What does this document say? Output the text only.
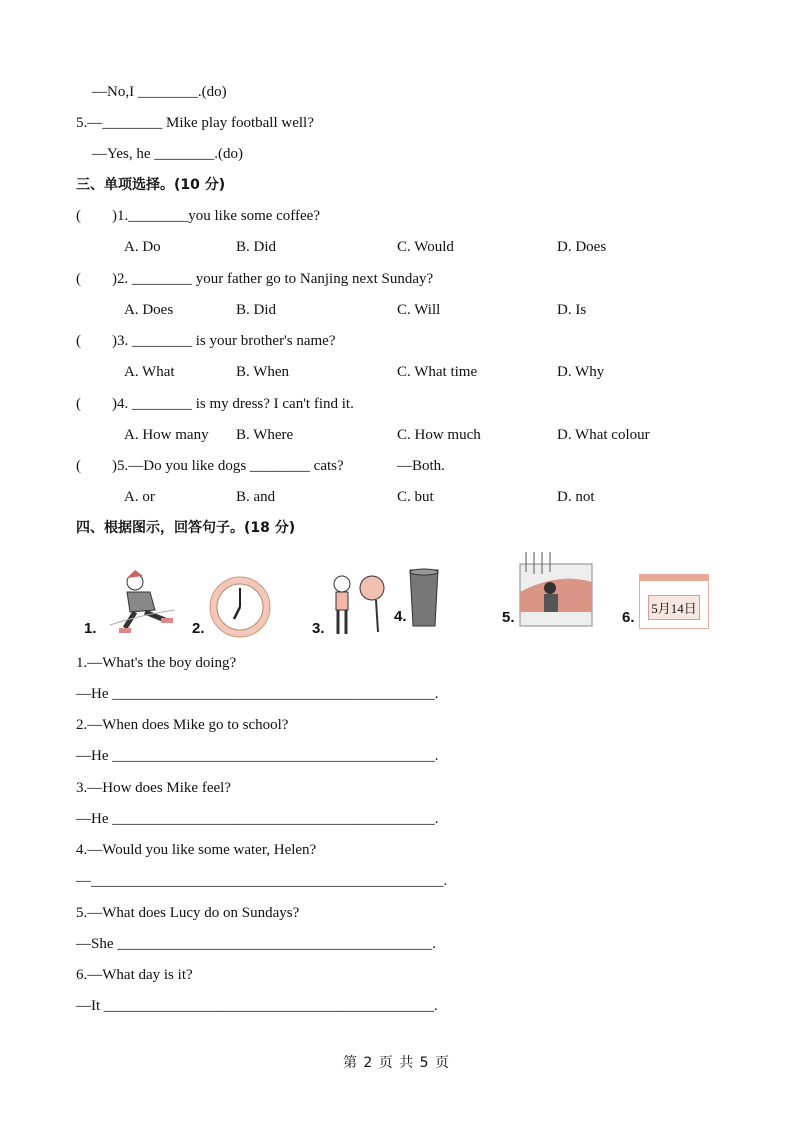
—No,I ________.(do)
5.—________ Mike play football well?
—Yes, he ________.(do)
三、单项选择。(10 分)
( )1.________you like some coffee?
A. Do	B. Did	C. Would	D. Does
( )2. ________ your father go to Nanjing next Sunday?
A. Does	B. Did	C. Will	D. Is
( )3. ________ is your brother's name?
A. What	B. When	C. What time	D. Why
( )4. ________ is my dress? I can't find it.
A. How many B. Where	C. How much	D. What colour
( )5.—Do you like dogs ________ cats?	—Both.
A. or	B. and	C. but	D. not
四、根据图示，回答句子。(18 分)
1.	2.	3.
4.	5.	6.
5月14日
1.—What's the boy doing?
—He ___________________________________________.
2.—When does Mike go to school?
—He ___________________________________________.
3.—How does Mike feel?
—He ___________________________________________.
4.—Would you like some water, Helen?
—_______________________________________________.
5.—What does Lucy do on Sundays?
—She __________________________________________.
6.—What day is it?
—It ____________________________________________.
第 2 页 共 5 页
